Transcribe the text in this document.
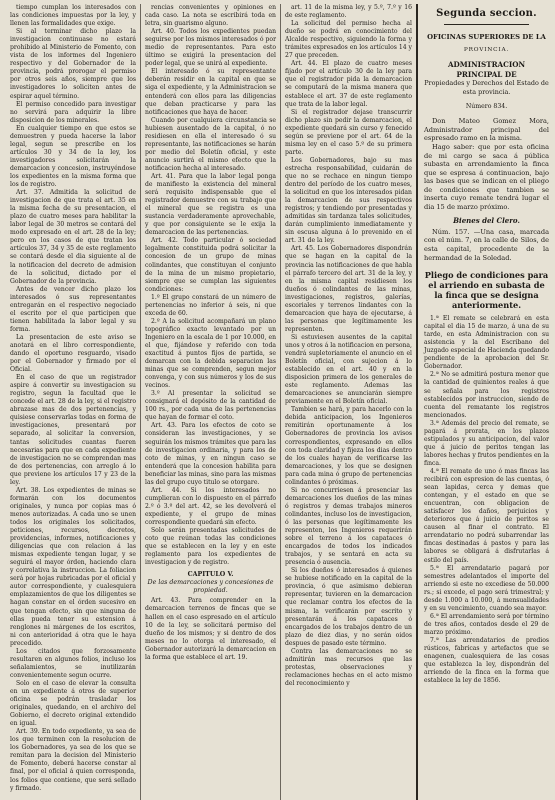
tiempo cumplan los interesados con las condiciones impuestas por la ley, y llenen las formalidades que exige.

Si al terminar dicho plazo la investigacion continuase no estará prohibido al Ministerio de Fomento, con vista de los informes del Ingeniero respectivo y del Gobernador de la provincia, podrá prorogar el permiso por otros seis años, siempre que los investigadores lo soliciten antes de espirar aquel término.

El permiso concedido para investigar no servirá para adquirir la libre disposicion de los minerales.

En cualquier tiempo en que estos se demuestren y pueda hacerse la labor legal, segun se prescribe en los artículos 30 y 34 de la ley, los investigadores solicitarán la demarcacion y concesion, instruyéndose los expedientes en la misma forma que los de registro.

Art. 37. Admitida la solicitud de investigacion de que trata el art. 35 en la misma fecha de su presentacion, el plazo de cuatro meses para habilitar la labor legal de 30 metros se contará del modo expresado en el art. 28 de la ley; pero en los casos de que tratan los artículos 37, 34 y 35 de este reglamento se contará desde el dia siguiente al de la notificacion del decreto de admision de la solicitud, dictado por el Gobernador de la provincia.

Antes de vencer dicho plazo los interesados ó sus representantes entregarán en el respectivo negociado el escrito por el que participen que tienen habilitada la labor legal y su forma.

La presentacion de este aviso se anotará en el libro correspondiente, dando el oportuno resguardo, visado por el Gobernador y firmado por el Oficial.

En el caso de que un registrador aspire á convertir su investigacion su registro, segun la facultad que le concede el art. 28 de la ley, si el registro abrazase mas de dos pertenencias, y quisiese conservarlas todas en forma de investigaciones, presentará por separado, al solicitar la conversion, tantas solicitudes cuantas fueren necesarias para que en cada expediente de investigacion no se comprendan mas de dos pertenencias, con arreglo á lo que previene los artículos 17 y 23 de la ley.

Art. 38. Los expedientes de minas se formarán con los documentos originales, y nunca por copias mas ó menos autorizadas. A cada uno se unen todos los originales los solicitados, peticiones, recursos, decretos, providencias, informes, notificaciones y diligencias que con relacion á las mismas expediente tengan lugar, y se seguirá el mayor órden, haciendo clara y correlativa la instruccion. La foliacion será por hojas rubricadas por el oficial y autor correspondiente, y cualesquiera emplazamientos de que los diligentes se hagan constar en el órden sucesivo en que tengan efecto, sin que ninguna de ellas pueda tener su estension á renglones ni márgenes de los escritos, ni con anterioridad á otra que le haya precedido.

Los citados que forzosamente resultaren en algunos folios, incluso los señalamientos, se inutilizarán convenientemente segun ocurre.

Solo en el caso de elevar la consulta en un expediente á otros de superior oficina se podrán trasladar los originales, quedando, en el archivo del Gobierno, el decreto original extendido en igual.

Art. 39. En todo expediente, ya sea de los que terminen con la resolucion de los Gobernadores, ya sea de los que se remitan para la decision del Ministerio de Fomento, deberá hacerse constar al final, por el oficial á quien corresponda, los folios que contiene, que será sellado y firmado.

rencias convenientes y opiniones en cada caso. La nota se escribirá toda en letra, sin guarismo alguno.

Art. 40. Todos los expedientes puedan seguirse por los mismos interesados ó por medio de representantes. Para esto último se exigirá la presentacion del poder legal, que se unirá al expediente.

El interesado ó su representante deberán residir en la capital en que se siga el expediente, y la Administracion se entenderá con ellos para las diligencias que deban practicarse y para las notificaciones que haya de hacer.

Cuando por cualquiera circunstancia se hubiesen ausentado de la capital, ó no residiesen en ella el interesado ó su representante, las notificaciones se harán por medio del Boletín oficial, y este anuncio surtirá el mismo efecto que la notificacion hecha al interesado.

Art. 41. Para que la labor legal ponga de manifiesto la existencia del mineral será requisito indispensable que el registrador demuestre con su trabajo que el mineral que se registra es una sustancia verdaderamente aprovechable, y que por consiguiente se le exija la demarcacion de las pertenencias.

Art. 42. Todo particular ó sociedad legalmente constituida podrá solicitar la concesion de un grupo de minas colindantes, que constituyan el conjunto de la mina de un mismo propietario, siempre que se cumplan las siguientes condiciones:

1.º El grupo constará de un número de pertenencias no inferior á seis, ni que exceda de 60.

2.º A la solicitud acompañará un plano topográfico exacto levantado por un Ingeniero en la escala de 1 por 10.000, en el que, fijándose y referido con toda exactitud á puntos fijos de partida, se demarcan con la debida separacion las minas que se comprenden, segun mejor convenga, y con sus números y los de sus vecinos.

3.º Al presentar la solicitud se consignará el depósito de la cantidad de 100 rs., por cada una de las pertenencias que hayan de formar el coto.

Art. 43. Para los efectos de coto se consideran las investigaciones, y se seguirán los mismos trámites que para las de investigacion ordinaria, y para los de coto de minas, y en ningun caso se entenderá que la concesion habilita para beneficiar las minas, sino para las mismas las del grupo cuyo titulo se otorgare.

Art. 44. Si los interesados no cumplieran con lo dispuesto en el párrafo 2.º ó 3.º del art. 42, se les devolverá el expediente, y el grupo de minas correspondiente quedará sin efecto.

Solo serán presentadas solicitudes de coto que reúnan todas las condiciones que se establecen en la ley y en este reglamento para los expedientes de investigacion y de registro.

CAPITULO V.
De las demarcaciones y concesiones de propiedad.

Art. 43. Para comprender en la demarcacion terrenos de fincas que se hallen en el caso espresado en el artículo 10 de la ley, se solicitará permiso del dueño de los mismos; y si dentro de dos meses no lo otorga el interesado, el Gobernador autorizará la demarcacion en la forma que establece el art. 19.

art. 11 de la misma ley, y 5.º, 7.º y 16 de este reglamento.

La solicitud del permiso hecha al dueño se podrá en conocimiento del Alcalde respectivo, siguiendo la forma y trámites expresados en los artículos 14 y 27 que preceden.

Art. 44. El plazo de cuatro meses fijado por el artículo 30 de la ley para que el registrador pida la demarcacion se computará de la misma manera que establece el art. 37 de este reglamento que trata de la labor legal.

Si el registrador dejase transcurrir dicho plazo sin pedir la demarcacion, el expediente quedará sin curso y fenecido según se previene por el art. 64 de la misma ley en el caso 5.º de su primera parte.

Los Gobernadores, bajo su mas estrecha responsabilidad, cuidarán de que no se rechace en ningun tiempo dentro del período de los cuatro meses, la solicitud en que los interesados pidan la demarcacion de sus respectivos registros; y tendiendo por presentadas y admitidas sin tardanza tales solicitudes, darán cumplimiento inmediatamente y sin escusa alguna á lo prevenido en el art. 31 de la ley.

Art. 45. Los Gobernadores dispondrán que se hagan en la capital de la provincia las notificaciones de que habla el párrafo tercero del art. 31 de la ley, y en la misma capital residiesen los dueños ó colindantes de las minas, investigaciones, registros, galerías, escoriales y terrenos lindantes con la demarcacion que haya de ejecutarse, á las personas que legítimamente les representen.

Si estuviesen ausentes de la capital unos y otros á la notificacion en persona, vendrá supletoriamente el anuncio en el Boletín oficial, con sujecion á lo establecido en el art. 40 y en la disposicion primera de los generales de este reglamento. Ademas las demarcaciones se anunciarán siempre previamente en el Boletín oficial.

Tambien se hará, y para hacerlo con la debida anticipacion, los Ingenieros remitirán oportunamente á los Gobernadores de provincia los avisos correspondientes, expresando en ellos con toda claridad y fijeza los dias dentro de los cuales hayan de verificarse las demarcaciones, y los que se designen para cada mina ó grupo de pertenencias colindantes ó próximas.

Si no concurriesen á presenciar las demarcaciones los dueños de las minas ó registros y demas trabajos mineros colindantes, incluso los de investigacion, ó las personas que legítimamente les representen, los Ingenieros requerirán sobre el terreno á los capataces ó encargados de todos los indicados trabajos, y se sentará en acta su presencia ó ausencia.

Si los dueños ó interesados á quienes se hubiese notificado en la capital de la provincia, ó que asimismo debieran representar, tuvieren en la demarcacion que reclamar contra los efectos de la misma, la verificarán por escrito y presentarán á los capataces ó encargados de los trabajos dentro de un plazo de diez dias, y no serán oidos despues de pasado este término.

Contra las demarcaciones no se admitirán mas recursos que las protestas, observaciones y reclamaciones hechas en el acto mismo del reconocimiento y

Segunda seccion.
OFICINAS SUPERIORES DE LA
PROVINCIA.
ADMINISTRACION PRINCIPAL DE
Propiedades y Derechos del Estado de esta provincia.
Número 834.

Don Mateo Gomez Mora, Administrador principal del espresado ramo en la misma.

Hago saber: que por esta oficina de mi cargo se saca á pública subasta en arrendamiento la finca que se espresa á continuacion, bajo las bases que se indican en el pliego de condiciones que tambien se inserta cuyo remate tendrá lugar el dia 15 de marzo próximo.

Bienes del Clero.

Núm. 157. —Una casa, marcada con el núm. 7, en la calle de Silos, de esta capital, procedente de la hermandad de la Soledad.

Pliego de condiciones para el arriendo en subasta de la finca que se designa anteriormente.

1.ª El remate se celebrará en esta capital el dia 15 de marzo, á una de su tarde, en esta Administracion con su asistencia y la del Escribano del Juzgado especial de Hacienda quedando pendiente de la aprobacion del Sr. Gobernador.

2.ª No se admitirá postura menor que la cantidad de quinientos reales á que se señala para los registros establecidos por instruccion, siendo de cuenta del rematante los registros mencionados.

3.ª Además del precio del remate, se pagará á prorata, en los plazos estipulados y su anticipacion, del valor que á juicio de peritos tengan las labores hechas y frutos pendientes en la finca.

4.ª El remate de uno ó mas fincas las recibirá con espresion de las cuentas, ó sean lapidas, cerca y demas que contengan, y el estado en que se encuentran, con obligacion de satisfacer los daños, perjuicios y deterioros que á juicio de peritos se causen al finar el contrato. El arrendatario no podrá subarrendar las fincas destinadas á pastos y para las labores se obligará á disfrutarlas á estilo del país.

5.ª El arrendatario pagará por semestres adelantados el importe del arriendo si este no excediese de 50.000 rs.; si excede, el pago será trimestral; y desde 1.000 a 10.000, á mensualidades y en su vencimiento, cuando sea mayor.

6.ª El arrendamiento será por término de tres años, contados desde el 29 de marzo próximo.

7.ª Las arrendatarios de predios rústicos, fabricas y artefactos que se enagenen, cualesquiera de las cosas que establezca la ley, dispondrán del arriendo de la finca en la forma que establece la ley de 1856.
